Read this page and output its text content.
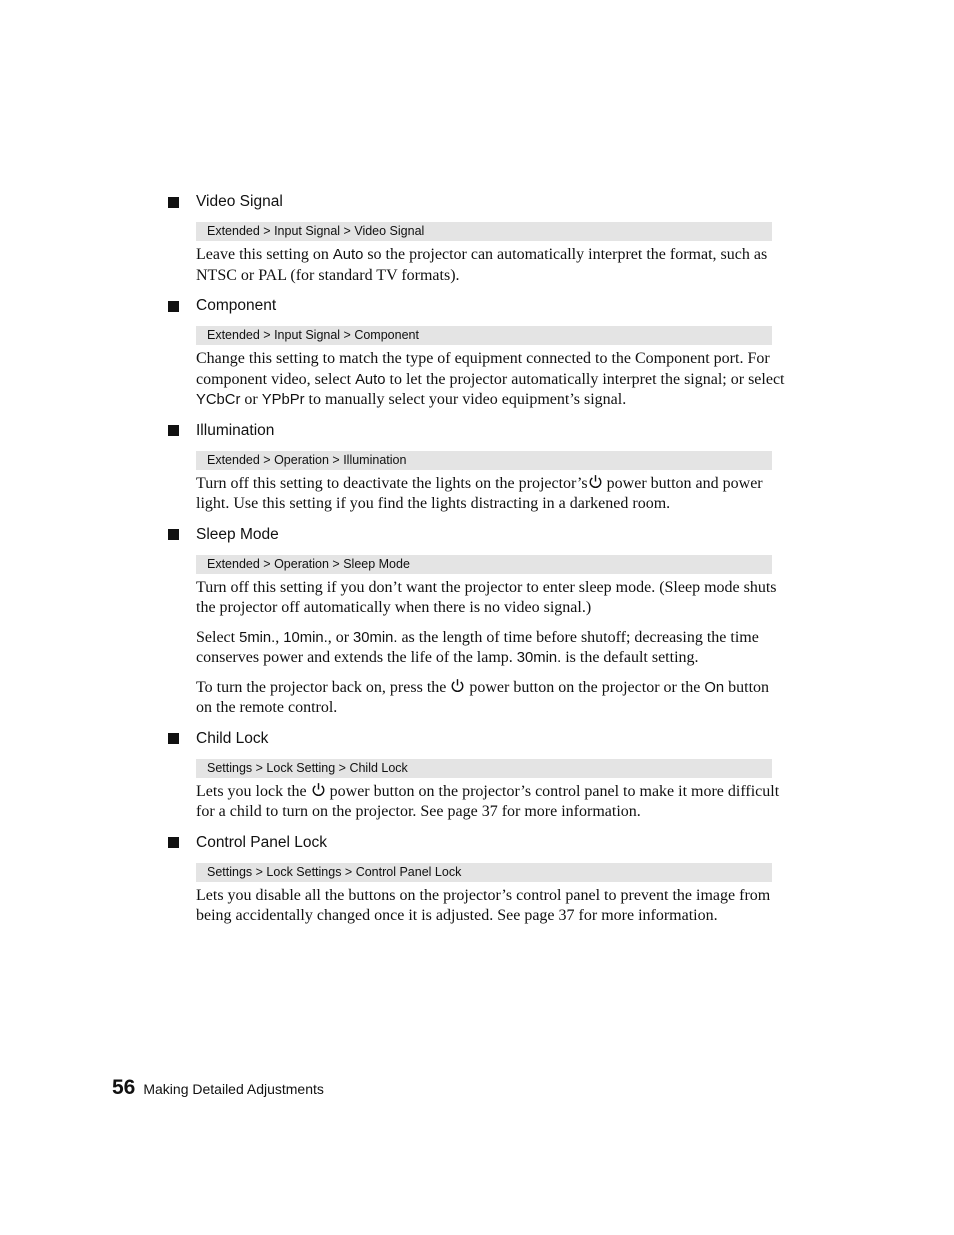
Video Signal
Extended > Input Signal > Video Signal

Leave this setting on Auto so the projector can automatically interpret the format, such as NTSC or PAL (for standard TV formats).

Component
Extended > Input Signal > Component

Change this setting to match the type of equipment connected to the Component port. For component video, select Auto to let the projector automatically interpret the signal; or select YCbCr or YPbPr to manually select your video equipment’s signal.

Illumination
Extended > Operation > Illumination

Turn off this setting to deactivate the lights on the projector’s power button and power light. Use this setting if you find the lights distracting in a darkened room.

Sleep Mode
Extended > Operation > Sleep Mode

Turn off this setting if you don’t want the projector to enter sleep mode. (Sleep mode shuts the projector off automatically when there is no video signal.)

Select 5min., 10min., or 30min. as the length of time before shutoff; decreasing the time conserves power and extends the life of the lamp. 30min. is the default setting.

To turn the projector back on, press the  power button on the projector or the On button on the remote control.

Child Lock
Settings > Lock Setting > Child Lock

Lets you lock the  power button on the projector’s control panel to make it more difficult for a child to turn on the projector. See page 37 for more information.

Control Panel Lock
Settings > Lock Settings > Control Panel Lock

Lets you disable all the buttons on the projector’s control panel to prevent the image from being accidentally changed once it is adjusted. See page 37 for more information.

56 Making Detailed Adjustments
